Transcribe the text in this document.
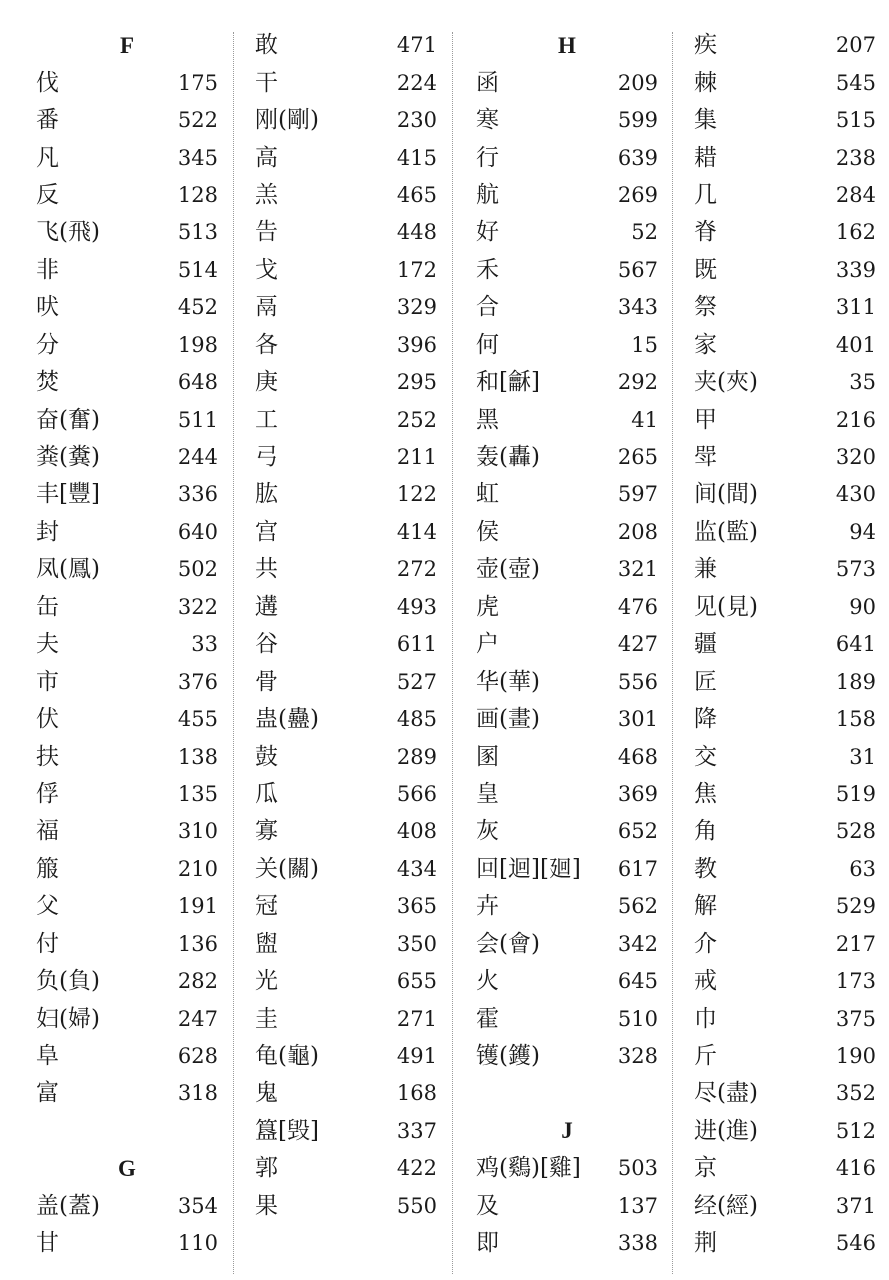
F
伐	175
番	522
凡	345
反	128
飞(飛)	513
非	514
吠	452
分	198
焚	648
奋(奮)	511
粪(糞)	244
丰[豐]	336
封	640
凤(鳳)	502
缶	322
夫	33
市	376
伏	455
扶	138
俘	135
福	310
箙	210
父	191
付	136
负(負)	282
妇(婦)	247
阜	628
富	318
G
盖(蓋)	354
甘	110
敢	471
干	224
刚(剛)	230
高	415
羔	465
告	448
戈	172
鬲	329
各	396
庚	295
工	252
弓	211
肱	122
宫	414
共	272
遘	493
谷	611
骨	527
蛊(蠱)	485
鼓	289
瓜	566
寡	408
关(關)	434
冠	365
盥	350
光	655
圭	271
龟(龜)	491
鬼	168
簋[毁]	337
郭	422
果	550
H
函	209
寒	599
行	639
航	269
好	52
禾	567
合	343
何	15
和[龢]	292
黑	41
轰(轟)	265
虹	597
侯	208
壶(壺)	321
虎	476
户	427
华(華)	556
画(畫)	301
圂	468
皇	369
灰	652
回[迴][廻] 617
卉	562
会(會)	342
火	645
霍	510
镬(鑊)	328
J
鸡(鷄)[雞] 503
及	137
即	338
疾	207
棘	545
集	515
耤	238
几	284
脊	162
既	339
祭	311
家	401
夹(夾)	35
甲	216
斝	320
间(間)	430
监(監)	94
兼	573
见(見)	90
疆	641
匠	189
降	158
交	31
焦	519
角	528
教	63
解	529
介	217
戒	173
巾	375
斤	190
尽(盡)	352
进(進)	512
京	416
经(經)	371
荆	546
